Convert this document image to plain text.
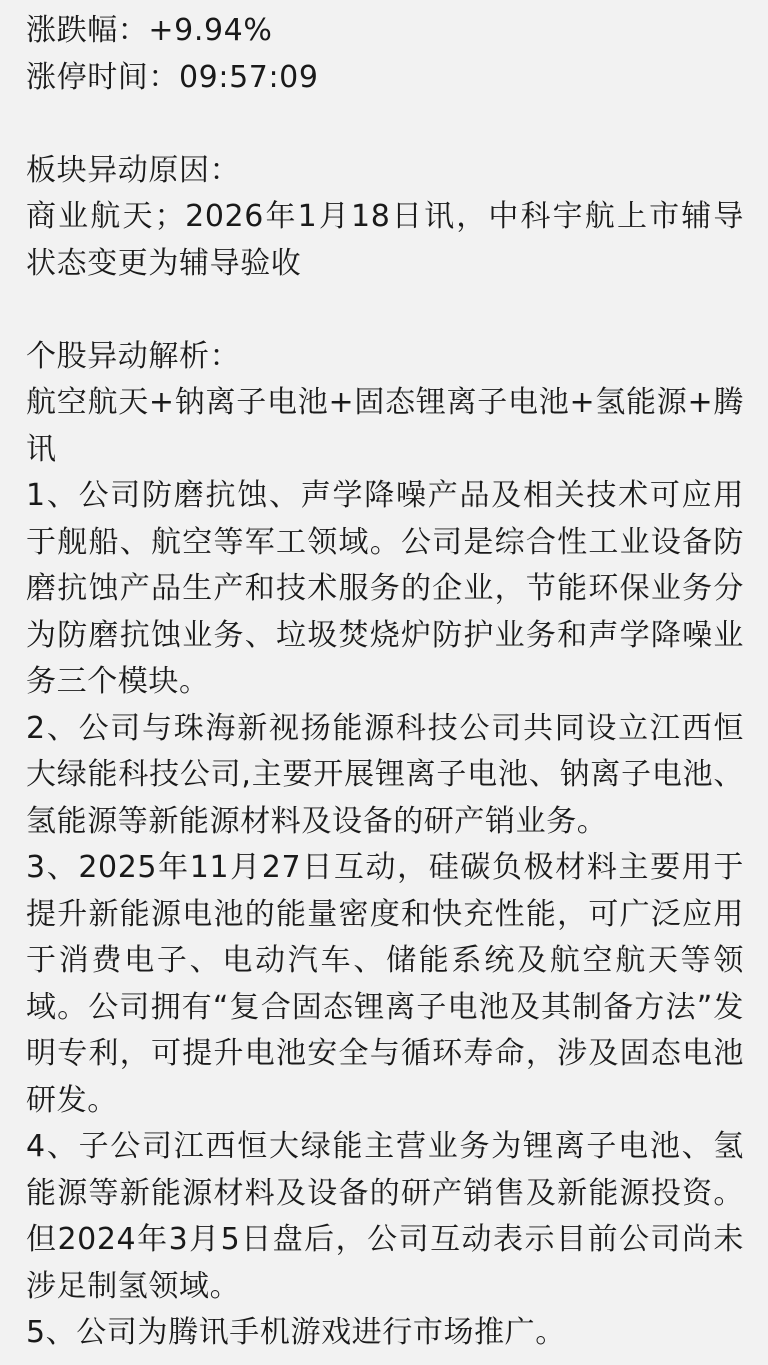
涨跌幅：+9.94%
涨停时间：09:57:09
板块异动原因：
商业航天；2026年1月18日讯，中科宇航上市辅导状态变更为辅导验收
个股异动解析：
航空航天+钠离子电池+固态锂离子电池+氢能源+腾讯
1、公司防磨抗蚀、声学降噪产品及相关技术可应用于舰船、航空等军工领域。公司是综合性工业设备防磨抗蚀产品生产和技术服务的企业，节能环保业务分为防磨抗蚀业务、垃圾焚烧炉防护业务和声学降噪业务三个模块。
2、公司与珠海新视扬能源科技公司共同设立江西恒大绿能科技公司,主要开展锂离子电池、钠离子电池、氢能源等新能源材料及设备的研产销业务。
3、2025年11月27日互动，硅碳负极材料主要用于提升新能源电池的能量密度和快充性能，可广泛应用于消费电子、电动汽车、储能系统及航空航天等领域。公司拥有“复合固态锂离子电池及其制备方法”发明专利，可提升电池安全与循环寿命，涉及固态电池研发。
4、子公司江西恒大绿能主营业务为锂离子电池、氢能源等新能源材料及设备的研产销售及新能源投资。 但2024年3月5日盘后，公司互动表示目前公司尚未涉足制氢领域。
5、公司为腾讯手机游戏进行市场推广。
